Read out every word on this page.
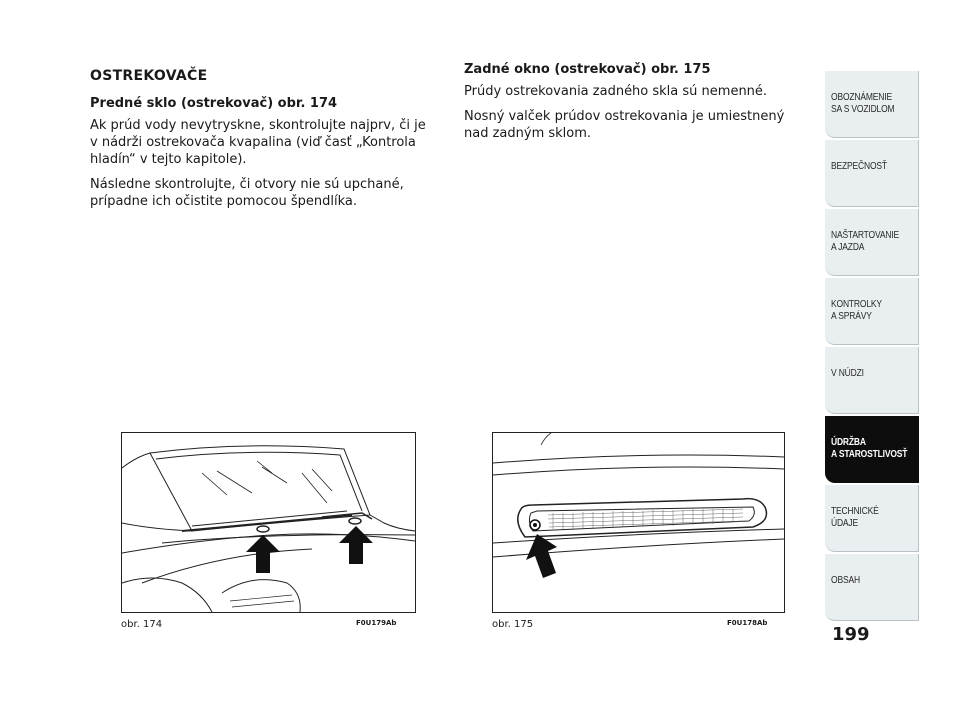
OSTREKOVAČE
Predné sklo (ostrekovač) obr. 174

Ak prúd vody nevytryskne, skontrolujte najprv, či je v nádrži ostrekovača kvapalina (viď časť „Kontrola hladín“ v tejto kapitole).

Následne skontrolujte, či otvory nie sú upchané, prípadne ich očistite pomocou špendlíka.

Zadné okno (ostrekovač) obr. 175

Prúdy ostrekovania zadného skla sú nemenné.

Nosný valček prúdov ostrekovania je umiestnený nad zadným sklom.

obr. 174	F0U179Ab	obr. 175	F0U178Ab
OBOZNÁMENIE
SA S VOZIDLOM
BEZPEČNOSŤ
NAŠTARTOVANIE
A JAZDA
KONTROLKY
A SPRÁVY
V NÚDZI
ÚDRŽBA
A STAROSTLIVOSŤ
TECHNICKÉ
ÚDAJE
OBSAH
199
